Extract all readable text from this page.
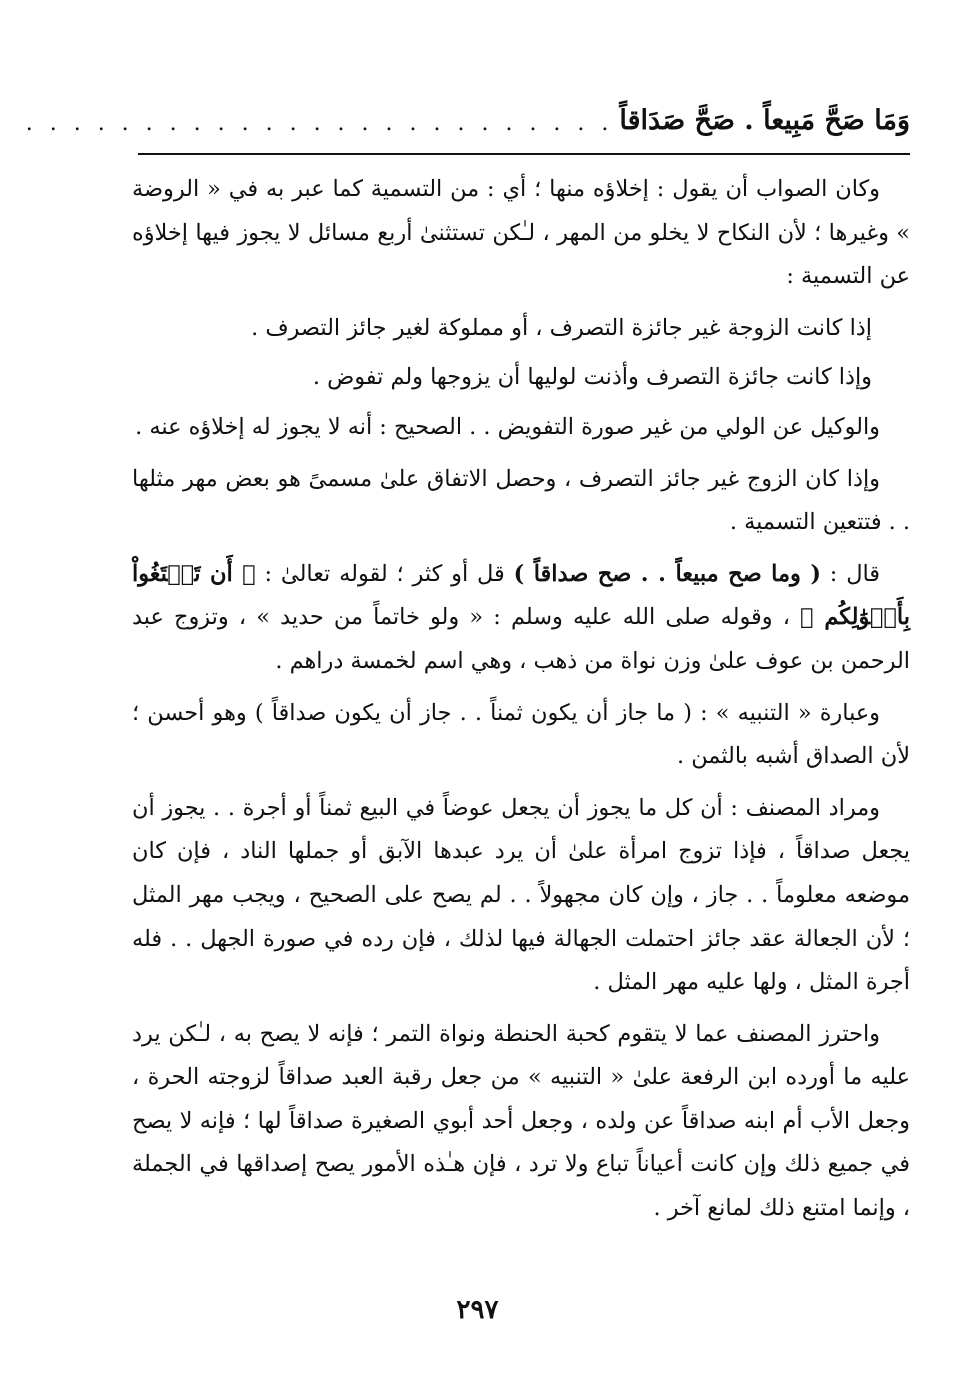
وَمَا صَحَّ مَبِيعاً . صَحَّ صَدَاقاً
. . . . . . . . . . . . . . . . . . . . . . . . .

وكان الصواب أن يقول : إخلاؤه منها ؛ أي : من التسمية كما عبر به في « الروضة » وغيرها ؛ لأن النكاح لا يخلو من المهر ، لـٰكن تستثنىٰ أربع مسائل لا يجوز فيها إخلاؤه عن التسمية :

إذا كانت الزوجة غير جائزة التصرف ، أو مملوكة لغير جائز التصرف .

وإذا كانت جائزة التصرف وأذنت لوليها أن يزوجها ولم تفوض .

والوكيل عن الولي من غير صورة التفويض . . الصحيح : أنه لا يجوز له إخلاؤه عنه .

وإذا كان الزوج غير جائز التصرف ، وحصل الاتفاق علىٰ مسمىً هو بعض مهر مثلها . . فتتعين التسمية .

قال : ( وما صح مبيعاً . . صح صداقاً ) قل أو كثر ؛ لقوله تعالىٰ : ﴿ أَن تَبۡتَغُواْ بِأَمۡوَٰلِكُم ﴾ ، وقوله صلى الله عليه وسلم : « ولو خاتماً من حديد » ، وتزوج عبد الرحمن بن عوف علىٰ وزن نواة من ذهب ، وهي اسم لخمسة دراهم .

وعبارة « التنبيه » : ( ما جاز أن يكون ثمناً . . جاز أن يكون صداقاً ) وهو أحسن ؛ لأن الصداق أشبه بالثمن .

ومراد المصنف : أن كل ما يجوز أن يجعل عوضاً في البيع ثمناً أو أجرة . . يجوز أن يجعل صداقاً ، فإذا تزوج امرأة علىٰ أن يرد عبدها الآبق أو جملها الناد ، فإن كان موضعه معلوماً . . جاز ، وإن كان مجهولاً . . لم يصح على الصحيح ، ويجب مهر المثل ؛ لأن الجعالة عقد جائز احتملت الجهالة فيها لذلك ، فإن رده في صورة الجهل . . فله أجرة المثل ، ولها عليه مهر المثل .

واحترز المصنف عما لا يتقوم كحبة الحنطة ونواة التمر ؛ فإنه لا يصح به ، لـٰكن يرد عليه ما أورده ابن الرفعة علىٰ « التنبيه » من جعل رقبة العبد صداقاً لزوجته الحرة ، وجعل الأب أم ابنه صداقاً عن ولده ، وجعل أحد أبوي الصغيرة صداقاً لها ؛ فإنه لا يصح في جميع ذلك وإن كانت أعياناً تباع ولا ترد ، فإن هـٰذه الأمور يصح إصداقها في الجملة ، وإنما امتنع ذلك لمانع آخر .

٢٩٧
